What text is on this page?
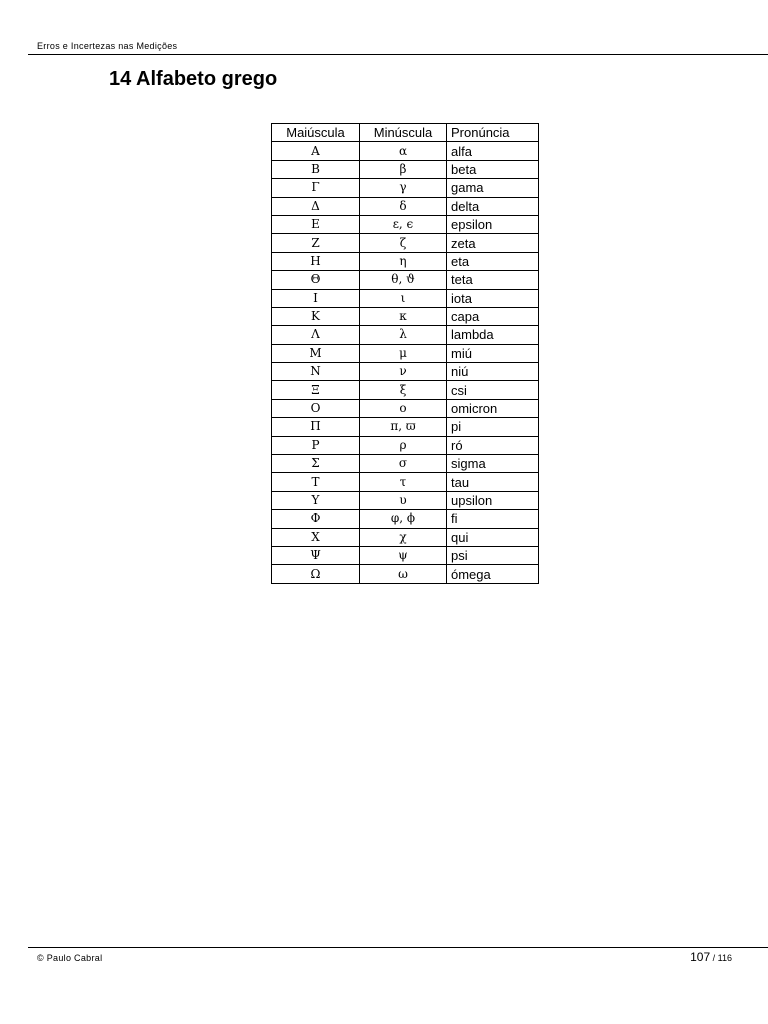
Erros e Incertezas nas Medições
14 Alfabeto grego
Maiúscula	Minúscula	Pronúncia
Α	α	alfa
Β	β	beta
Γ	γ	gama
Δ	δ	delta
Ε	ε, ϵ	epsilon
Ζ	ζ	zeta
Η	η	eta
Θ	θ, ϑ	teta
Ι	ι	iota
Κ	κ	capa
Λ	λ	lambda
Μ	μ	miú
Ν	ν	niú
Ξ	ξ	csi
Ο	ο	omicron
Π	π, ϖ	pi
Ρ	ρ	ró
Σ	σ	sigma
Τ	τ	tau
Υ	υ	upsilon
Φ	φ, ϕ	fi
Χ	χ	qui
Ψ	ψ	psi
Ω	ω	ómega
© Paulo Cabral	107 / 116
